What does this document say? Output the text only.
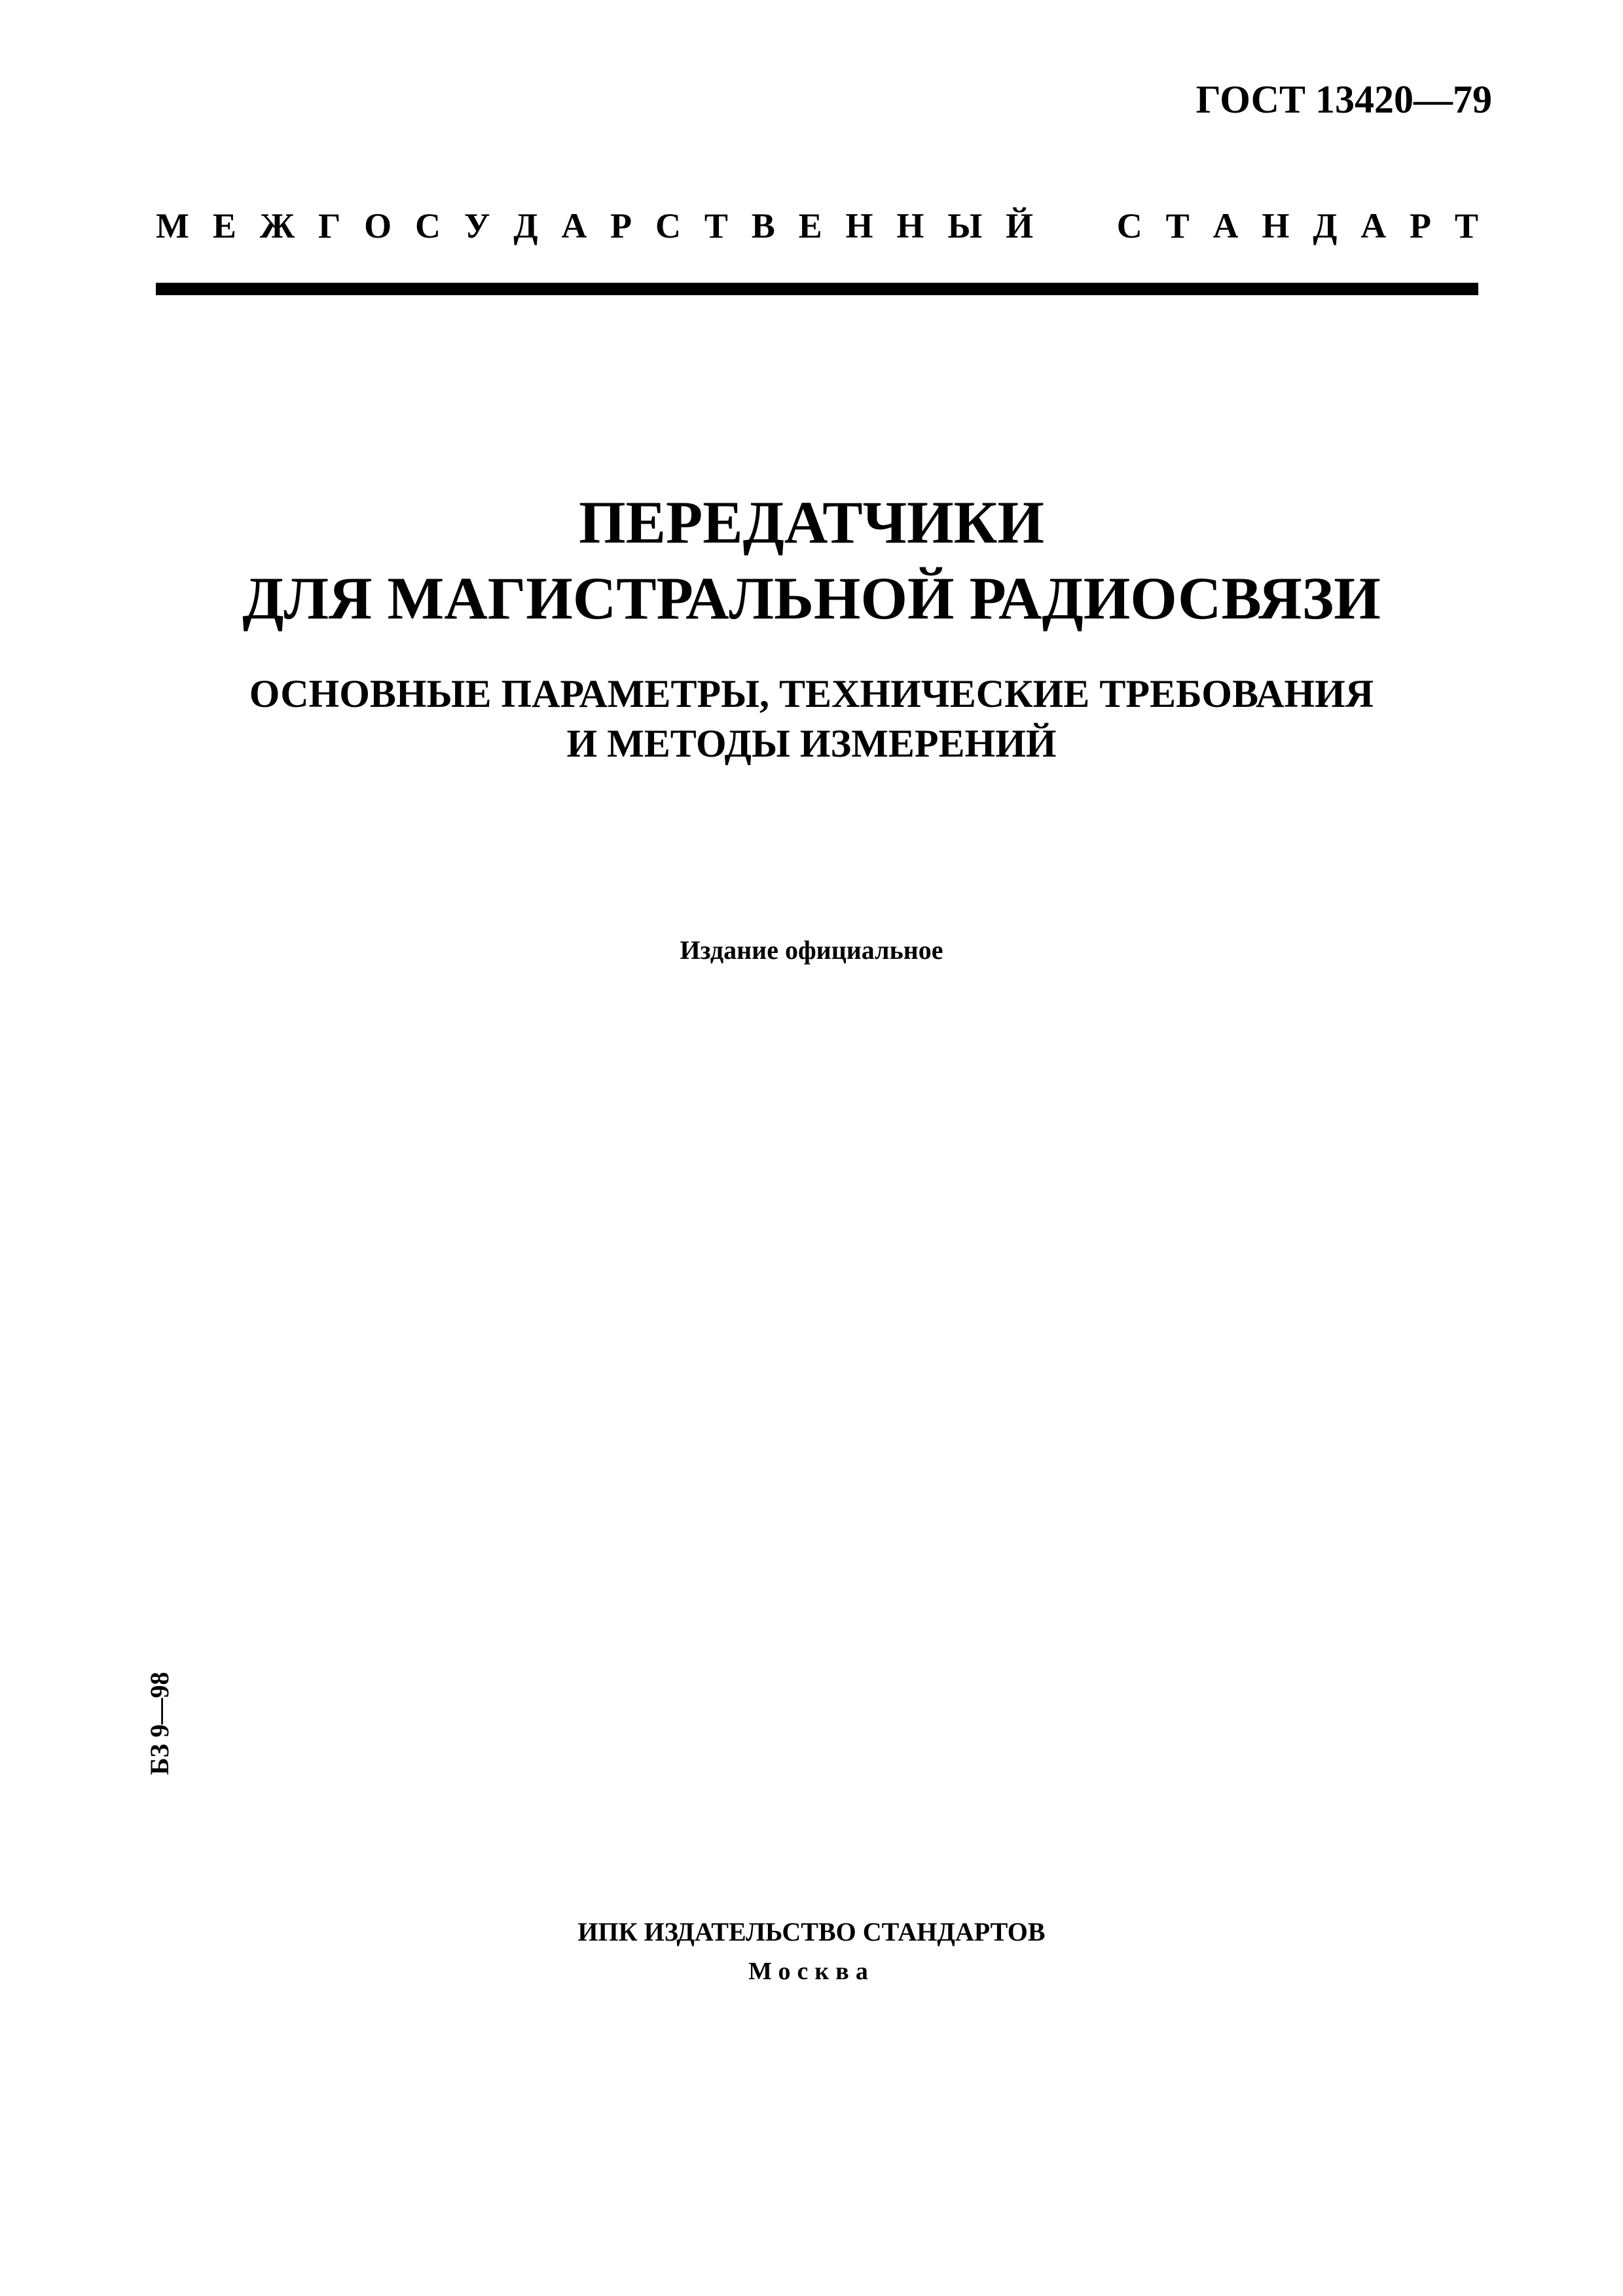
ГОСТ 13420—79
М Е Ж Г О С У Д А Р С Т В Е Н Н Ы Й С Т А Н Д А Р Т
ПЕРЕДАТЧИКИ
ДЛЯ МАГИСТРАЛЬНОЙ РАДИОСВЯЗИ
ОСНОВНЫЕ ПАРАМЕТРЫ, ТЕХНИЧЕСКИЕ ТРЕБОВАНИЯ
И МЕТОДЫ ИЗМЕРЕНИЙ
Издание официальное
БЗ 9—98
ИПК ИЗДАТЕЛЬСТВО СТАНДАРТОВ
Москва
